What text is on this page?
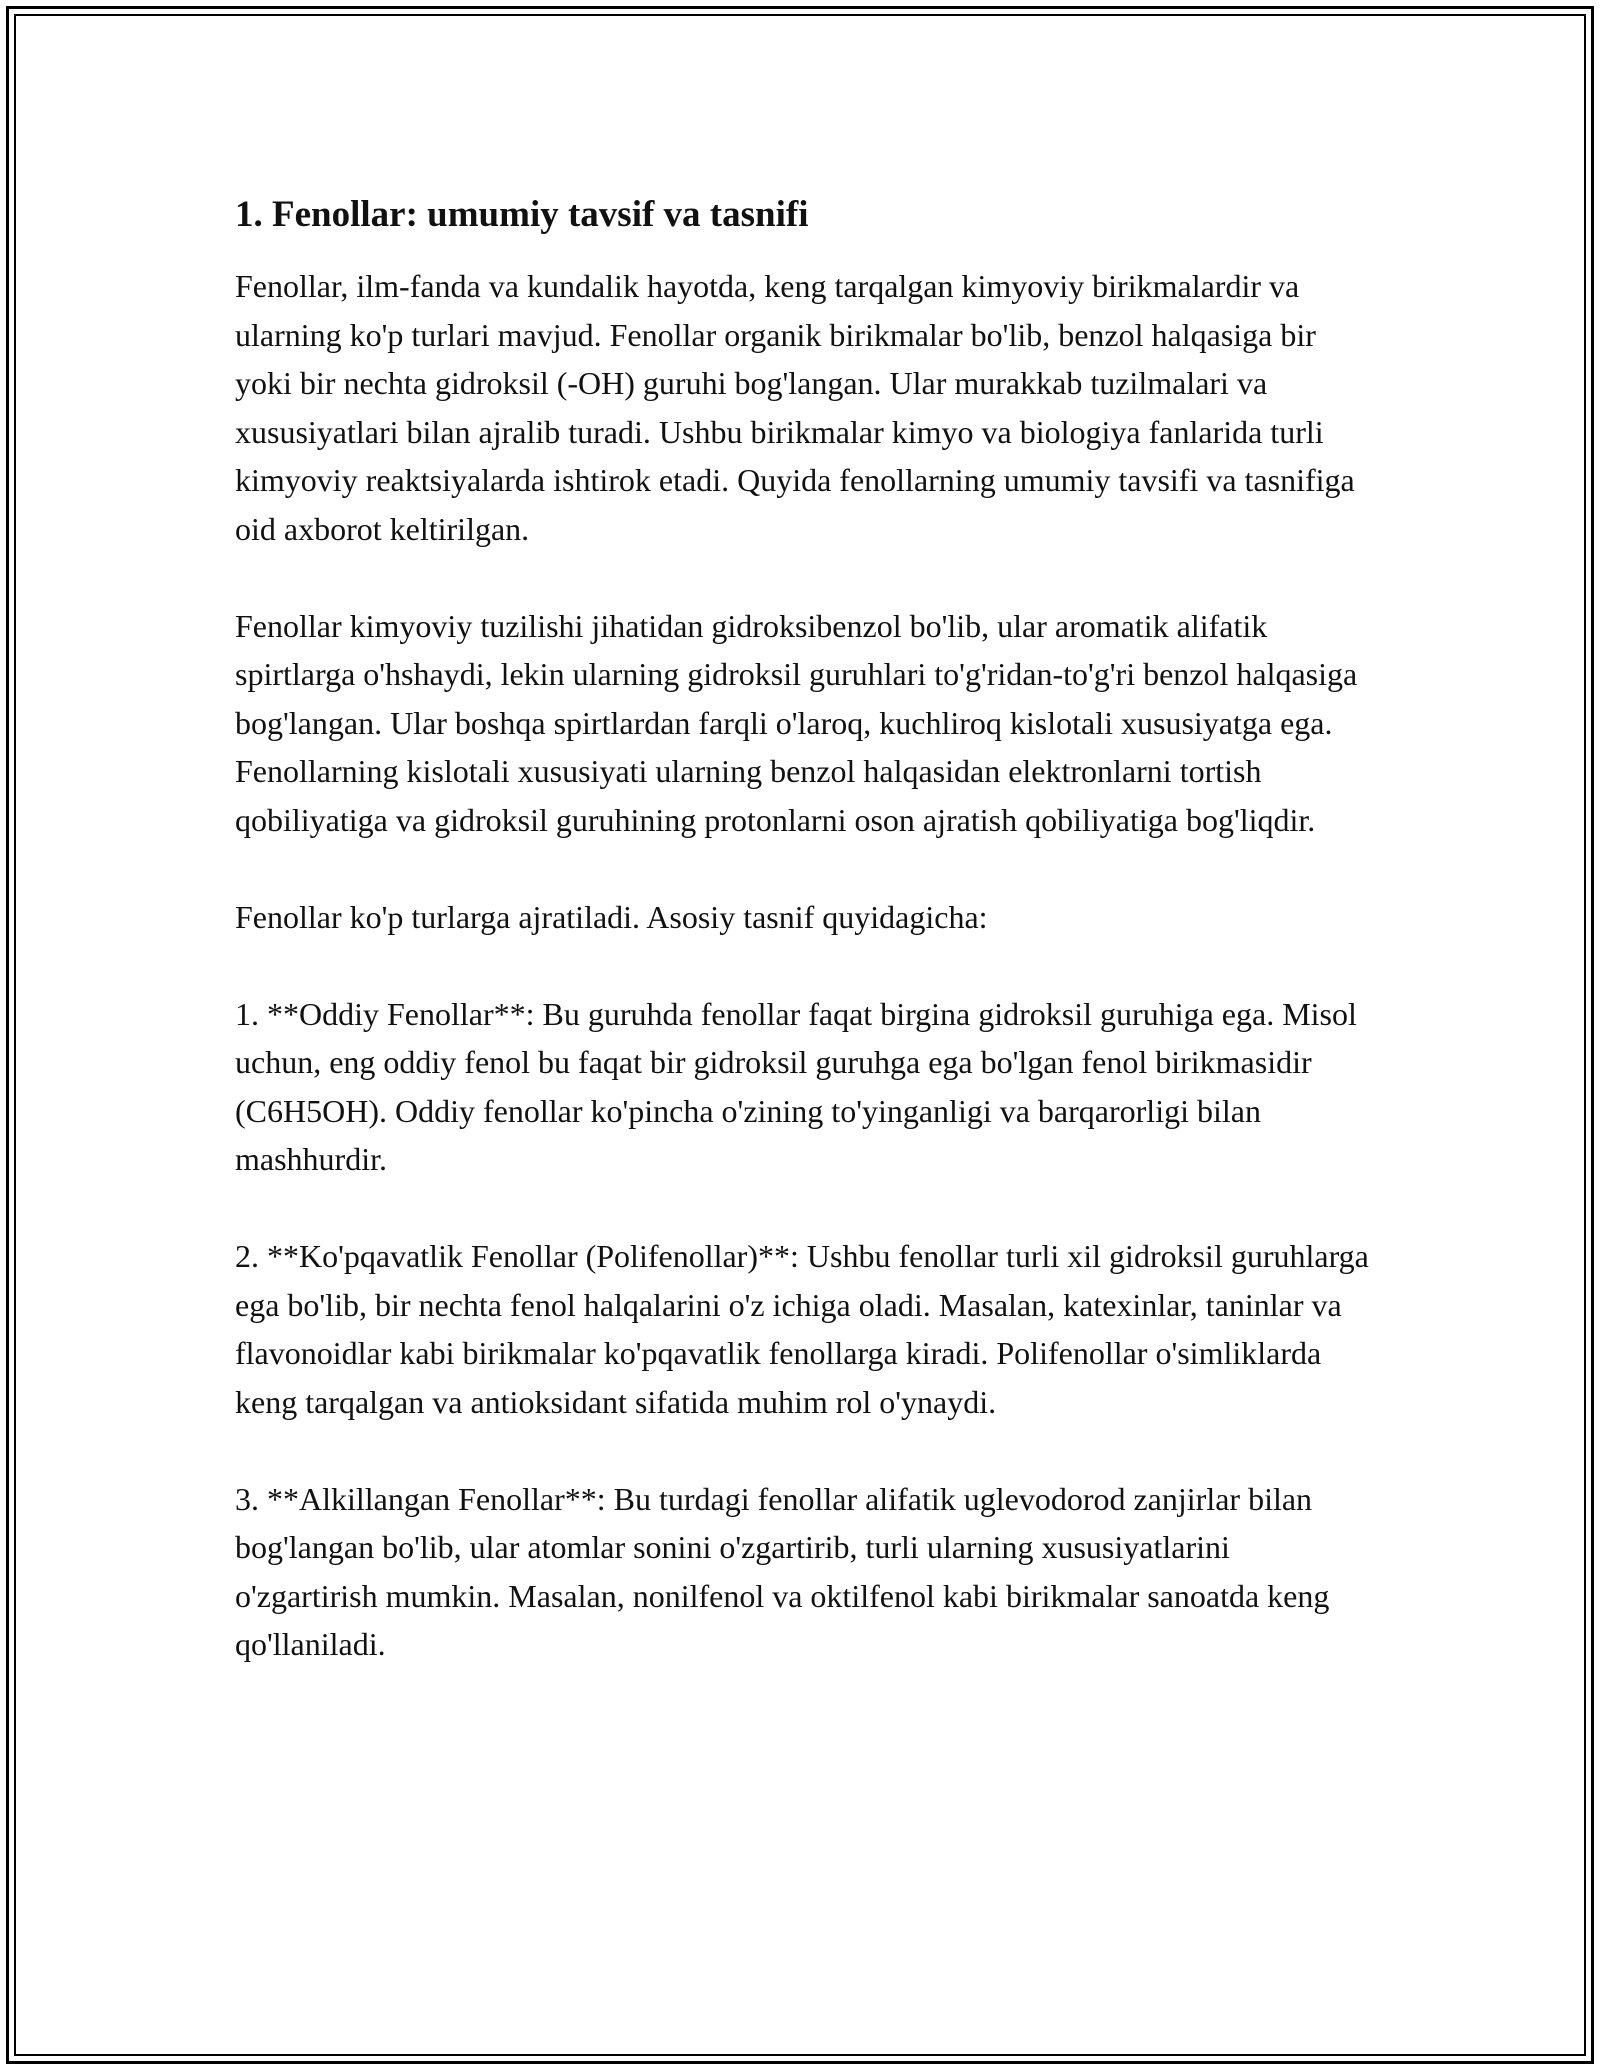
1. Fenollar: umumiy tavsif va tasnifi

Fenollar, ilm-fanda va kundalik hayotda, keng tarqalgan kimyoviy birikmalardir va ularning ko'p turlari mavjud. Fenollar organik birikmalar bo'lib, benzol halqasiga bir yoki bir nechta gidroksil (-OH) guruhi bog'langan. Ular murakkab tuzilmalari va xususiyatlari bilan ajralib turadi. Ushbu birikmalar kimyo va biologiya fanlarida turli kimyoviy reaktsiyalarda ishtirok etadi. Quyida fenollarning umumiy tavsifi va tasnifiga oid axborot keltirilgan.

Fenollar kimyoviy tuzilishi jihatidan gidroksibenzol bo'lib, ular aromatik alifatik spirtlarga o'hshaydi, lekin ularning gidroksil guruhlari to'g'ridan-to'g'ri benzol halqasiga bog'langan. Ular boshqa spirtlardan farqli o'laroq, kuchliroq kislotali xususiyatga ega. Fenollarning kislotali xususiyati ularning benzol halqasidan elektronlarni tortish qobiliyatiga va gidroksil guruhining protonlarni oson ajratish qobiliyatiga bog'liqdir.

Fenollar ko'p turlarga ajratiladi. Asosiy tasnif quyidagicha:

1. **Oddiy Fenollar**: Bu guruhda fenollar faqat birgina gidroksil guruhiga ega. Misol uchun, eng oddiy fenol bu faqat bir gidroksil guruhga ega bo'lgan fenol birikmasidir (C6H5OH). Oddiy fenollar ko'pincha o'zining to'yinganligi va barqarorligi bilan mashhurdir.

2. **Ko'pqavatlik Fenollar (Polifenollar)**: Ushbu fenollar turli xil gidroksil guruhlarga ega bo'lib, bir nechta fenol halqalarini o'z ichiga oladi. Masalan, katexinlar, taninlar va flavonoidlar kabi birikmalar ko'pqavatlik fenollarga kiradi. Polifenollar o'simliklarda keng tarqalgan va antioksidant sifatida muhim rol o'ynaydi.

3. **Alkillangan Fenollar**: Bu turdagi fenollar alifatik uglevodorod zanjirlar bilan bog'langan bo'lib, ular atomlar sonini o'zgartirib, turli ularning xususiyatlarini o'zgartirish mumkin. Masalan, nonilfenol va oktilfenol kabi birikmalar sanoatda keng qo'llaniladi.
